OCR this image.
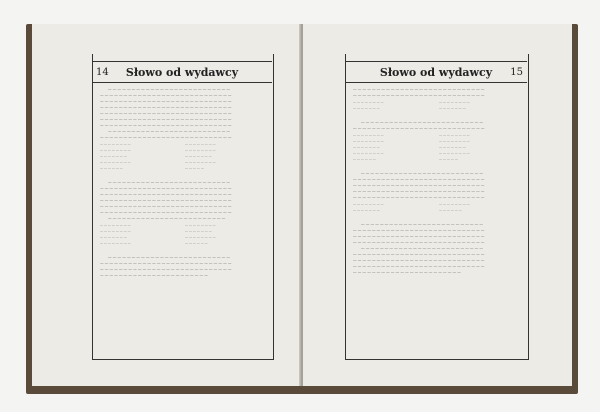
14	Słowo od wydawcy
— — — — — — — — — — — — — — — — — — — — — — — — — —
— — — — — — — — — — — — — — — — — — — — — — — — — — — —
— — — — — — — — — — — — — — — — — — — — — — — — — — — —
— — — — — — — — — — — — — — — — — — — — — — — — — — — —
— — — — — — — — — — — — — — — — — — — — — — — — — — — —
— — — — — — — — — — — — — — — — — — — — — — — — — — — —
— — — — — — — — — — — — — — — — — — — — — — — — — — — —
— — — — — — — — — — — — — — — — — — — — — — — — — —
— — — — — — — — — — — — — — — — — — — — — — — — — — — —
— — — — — — — —
— — — — — — — —
— — — — — — —
— — — — — — — —
— — — — — —
— — — — — — — —
— — — — — — — —
— — — — — — —
— — — — — — — —
— — — — —
— — — — — — — — — — — — — — — — — — — — — — — — — —
— — — — — — — — — — — — — — — — — — — — — — — — — — — —
— — — — — — — — — — — — — — — — — — — — — — — — — — — —
— — — — — — — — — — — — — — — — — — — — — — — — — — — —
— — — — — — — — — — — — — — — — — — — — — — — — — — — —
— — — — — — — — — — — — — — — — — — — — — — — — — — — —
— — — — — — — — — — — — — — — — — — — — — — — — —
— — — — — — — —
— — — — — — — —
— — — — — — —
— — — — — — — —
— — — — — — — —
— — — — — — —
— — — — — — — —
— — — — — —
— — — — — — — — — — — — — — — — — — — — — — — — — —
— — — — — — — — — — — — — — — — — — — — — — — — — — — —
— — — — — — — — — — — — — — — — — — — — — — — — — — — —
— — — — — — — — — — — — — — — — — — — — — — —
Słowo od wydawcy	15
— — — — — — — — — — — — — — — — — — — — — — — — — — — —
— — — — — — — — — — — — — — — — — — — — — — — — — — — —
— — — — — — — —
— — — — — — —
— — — — — — — —
— — — — — — —
— — — — — — — — — — — — — — — — — — — — — — — — — —
— — — — — — — — — — — — — — — — — — — — — — — — — — — —
— — — — — — — —
— — — — — — — —
— — — — — — —
— — — — — — — —
— — — — — —
— — — — — — — —
— — — — — — — —
— — — — — — —
— — — — — — — —
— — — — —
— — — — — — — — — — — — — — — — — — — — — — — — — —
— — — — — — — — — — — — — — — — — — — — — — — — — — — —
— — — — — — — — — — — — — — — — — — — — — — — — — — — —
— — — — — — — — — — — — — — — — — — — — — — — — — — — —
— — — — — — — — — — — — — — — — — — — — — — — — — — — —
— — — — — — — —
— — — — — — —
— — — — — — — —
— — — — — —
— — — — — — — — — — — — — — — — — — — — — — — — — —
— — — — — — — — — — — — — — — — — — — — — — — — — — — —
— — — — — — — — — — — — — — — — — — — — — — — — — — — —
— — — — — — — — — — — — — — — — — — — — — — — — — — — —
— — — — — — — — — — — — — — — — — — — — — — — — — —
— — — — — — — — — — — — — — — — — — — — — — — — — — — —
— — — — — — — — — — — — — — — — — — — — — — — — — — — —
— — — — — — — — — — — — — — — — — — — — — — — — — — — —
— — — — — — — — — — — — — — — — — — — — — — —
